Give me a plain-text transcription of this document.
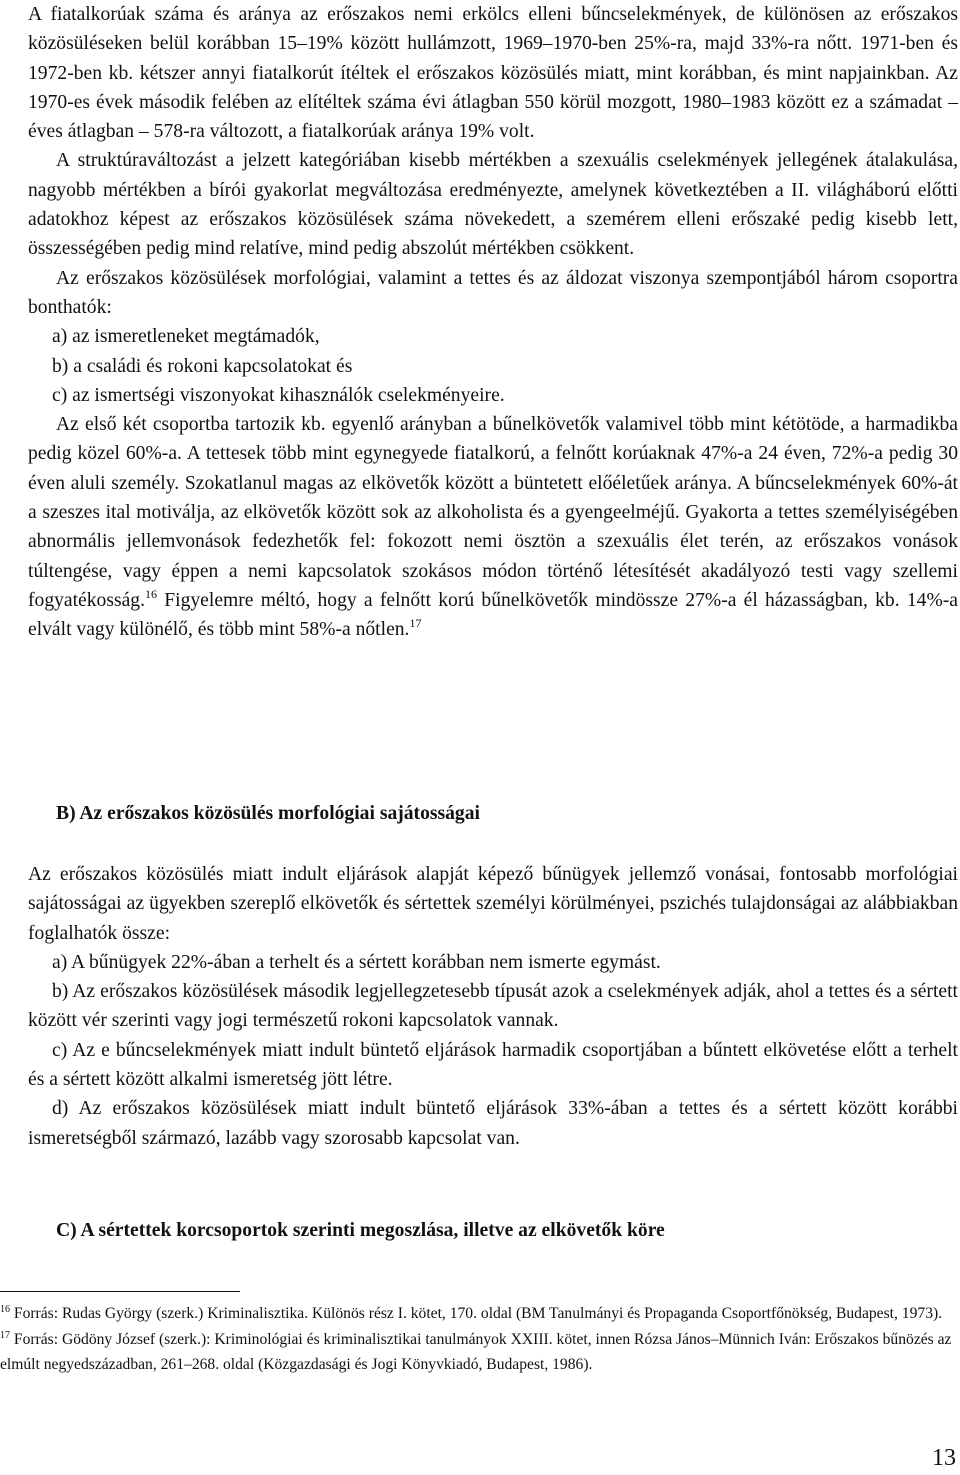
A fiatalkorúak száma és aránya az erőszakos nemi erkölcs elleni bűncselekmények, de különösen az erőszakos közösüléseken belül korábban 15–19% között hullámzott, 1969–1970-ben 25%-ra, majd 33%-ra nőtt. 1971-ben és 1972-ben kb. kétszer annyi fiatalkorút ítéltek el erőszakos közösülés miatt, mint korábban, és mint napjainkban. Az 1970-es évek második felében az elítéltek száma évi átlagban 550 körül mozgott, 1980–1983 között ez a számadat – éves átlagban – 578-ra változott, a fiatalkorúak aránya 19% volt.

A struktúraváltozást a jelzett kategóriában kisebb mértékben a szexuális cselekmények jellegének átalakulása, nagyobb mértékben a bírói gyakorlat megváltozása eredményezte, amelynek következtében a II. világháború előtti adatokhoz képest az erőszakos közösülések száma növekedett, a szemérem elleni erőszaké pedig kisebb lett, összességében pedig mind relatíve, mind pedig abszolút mértékben csökkent.

Az erőszakos közösülések morfológiai, valamint a tettes és az áldozat viszonya szempontjából három csoportra bonthatók:

a) az ismeretleneket megtámadók,

b) a családi és rokoni kapcsolatokat és

c) az ismertségi viszonyokat kihasználók cselekményeire.

Az első két csoportba tartozik kb. egyenlő arányban a bűnelkövetők valamivel több mint kétötöde, a harmadikba pedig közel 60%-a. A tettesek több mint egynegyede fiatalkorú, a felnőtt korúaknak 47%-a 24 éven, 72%-a pedig 30 éven aluli személy. Szokatlanul magas az elkövetők között a büntetett előéletűek aránya. A bűncselekmények 60%-át a szeszes ital motiválja, az elkövetők között sok az alkoholista és a gyengeelméjű. Gyakorta a tettes személyiségében abnormális jellemvonások fedezhetők fel: fokozott nemi ösztön a szexuális élet terén, az erőszakos vonások túltengése, vagy éppen a nemi kapcsolatok szokásos módon történő létesítését akadályozó testi vagy szellemi fogyatékosság.$^{16}$ Figyelemre méltó, hogy a felnőtt korú bűnelkövetők mindössze 27%-a él házasságban, kb. 14%-a elvált vagy különélő, és több mint 58%-a nőtlen.$^{17}$

B) Az erőszakos közösülés morfológiai sajátosságai

Az erőszakos közösülés miatt indult eljárások alapját képező bűnügyek jellemző vonásai, fontosabb morfológiai sajátosságai az ügyekben szereplő elkövetők és sértettek személyi körülményei, pszichés tulajdonságai az alábbiakban foglalhatók össze:

a) A bűnügyek 22%-ában a terhelt és a sértett korábban nem ismerte egymást.

b) Az erőszakos közösülések második legjellegzetesebb típusát azok a cselekmények adják, ahol a tettes és a sértett között vér szerinti vagy jogi természetű rokoni kapcsolatok vannak.

c) Az e bűncselekmények miatt indult büntető eljárások harmadik csoportjában a bűntett elkövetése előtt a terhelt és a sértett között alkalmi ismeretség jött létre.

d) Az erőszakos közösülések miatt indult büntető eljárások 33%-ában a tettes és a sértett között korábbi ismeretségből származó, lazább vagy szorosabb kapcsolat van.

C) A sértettek korcsoportok szerinti megoszlása, illetve az elkövetők köre

$^{16}$ Forrás: Rudas György (szerk.) Kriminalisztika. Különös rész I. kötet, 170. oldal (BM Tanulmányi és Propaganda Csoportfőnökség, Budapest, 1973).

$^{17}$ Forrás: Gödöny József (szerk.): Kriminológiai és kriminalisztikai tanulmányok XXIII. kötet, innen Rózsa János–Münnich Iván: Erőszakos bűnözés az elmúlt negyedszázadban, 261–268. oldal (Közgazdasági és Jogi Könyvkiadó, Budapest, 1986).

13
